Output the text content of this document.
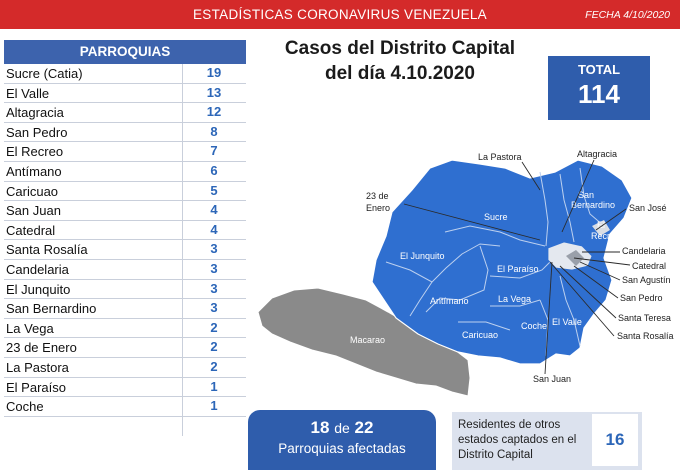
ESTADÍSTICAS CORONAVIRUS VENEZUELA	FECHA 4/10/2020
PARROQUIAS
Sucre (Catia)	19
El Valle	13
Altagracia	12
San Pedro	8
El Recreo	7
Antímano	6
Caricuao	5
San Juan	4
Catedral	4
Santa Rosalía	3
Candelaria	3
El Junquito	3
San Bernardino	3
La Vega	2
23 de Enero	2
La Pastora	2
El Paraíso	1
Coche	1
Casos del Distrito Capital
del día 4.10.2020	TOTAL
114
Sucre
El Junquito
El Paraíso
Antímano	La Vega
Caricuao
Coche El Valle
San
Bernardino
El
Recreo
Macarao
La Pastora	Altagracia
23 de
Enero	San José
Candelaria
Catedral
San Agustín
San Pedro
Santa Teresa
Santa Rosalía
San Juan
18 de 22
Parroquias afectadas
Residentes de otros estados captados en el Distrito Capital
16
